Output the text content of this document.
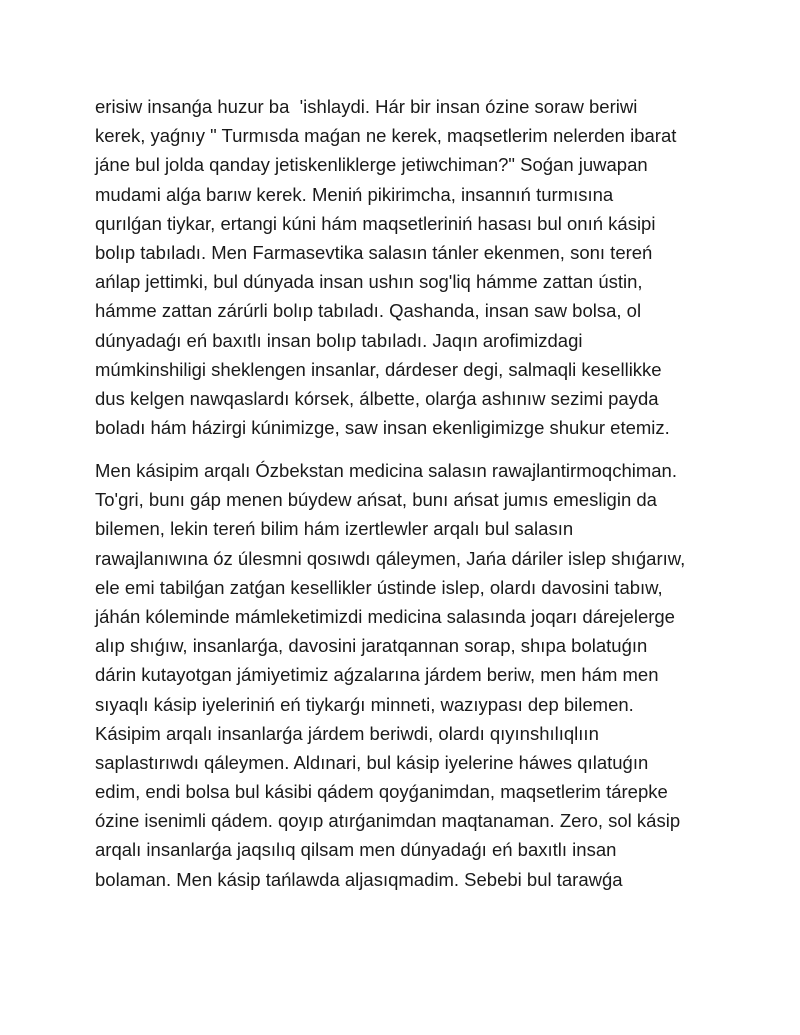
erisiw insanǵa huzur ba  'ishlaydi. Hár bir insan ózine soraw beriwi
kerek, yaǵnıy " Turmısda maǵan ne kerek, maqsetlerim nelerden ibarat
jáne bul jolda qanday jetiskenliklerge jetiwchiman?" Soǵan juwapan
mudami alǵa barıw kerek. Meniń pikirimcha, insannıń turmısına
qurılǵan tiykar, ertangi kúni hám maqsetleriniń hasası bul onıń kásipi
bolıp tabıladı. Men Farmasevtika salasın tánler ekenmen, sonı tereń
ańlap jettimki, bul dúnyada insan ushın sog'liq hámme zattan ústin,
hámme zattan zárúrli bolıp tabıladı. Qashanda, insan saw bolsa, ol
dúnyadaǵı eń baxıtlı insan bolıp tabıladı. Jaqın arofimizdagi
múmkinshiligi sheklengen insanlar, dárdeser degi, salmaqli kesellikke
dus kelgen nawqaslardı kórsek, álbette, olarǵa ashınıw sezimi payda
boladı hám házirgi kúnimizge, saw insan ekenligimizge shukur etemiz.
Men kásipim arqalı Ózbekstan medicina salasın rawajlantirmoqchiman.
To'gri, bunı gáp menen búydew ańsat, bunı ańsat jumıs emesligin da
bilemen, lekin tereń bilim hám izertlewler arqalı bul salasın
rawajlanıwına óz úlesmni qosıwdı qáleymen, Jańa dáriler islep shıǵarıw,
ele emi tabilǵan zatǵan kesellikler ústinde islep, olardı davosini tabıw,
jáhán kóleminde mámleketimizdi medicina salasında joqarı dárejelerge
alıp shıǵıw, insanlarǵa, davosini jaratqannan sorap, shıpa bolatuǵın
dárin kutayotgan jámiyetimiz aǵzalarına járdem beriw, men hám men
sıyaqlı kásip iyeleriniń eń tiykarǵı minneti, wazıypası dep bilemen.
Kásipim arqalı insanlarǵa járdem beriwdi, olardı qıyınshılıqlıın
saplastırıwdı qáleymen. Aldınari, bul kásip iyelerine háwes qılatuǵın
edim, endi bolsa bul kásibi qádem qoyǵanimdan, maqsetlerim tárepke
ózine isenimli qádem. qoyıp atırǵanimdan maqtanaman. Zero, sol kásip
arqalı insanlarǵa jaqsılıq qilsam men dúnyadaǵı eń baxıtlı insan
bolaman. Men kásip tańlawda aljasıqmadim. Sebebi bul tarawǵa
